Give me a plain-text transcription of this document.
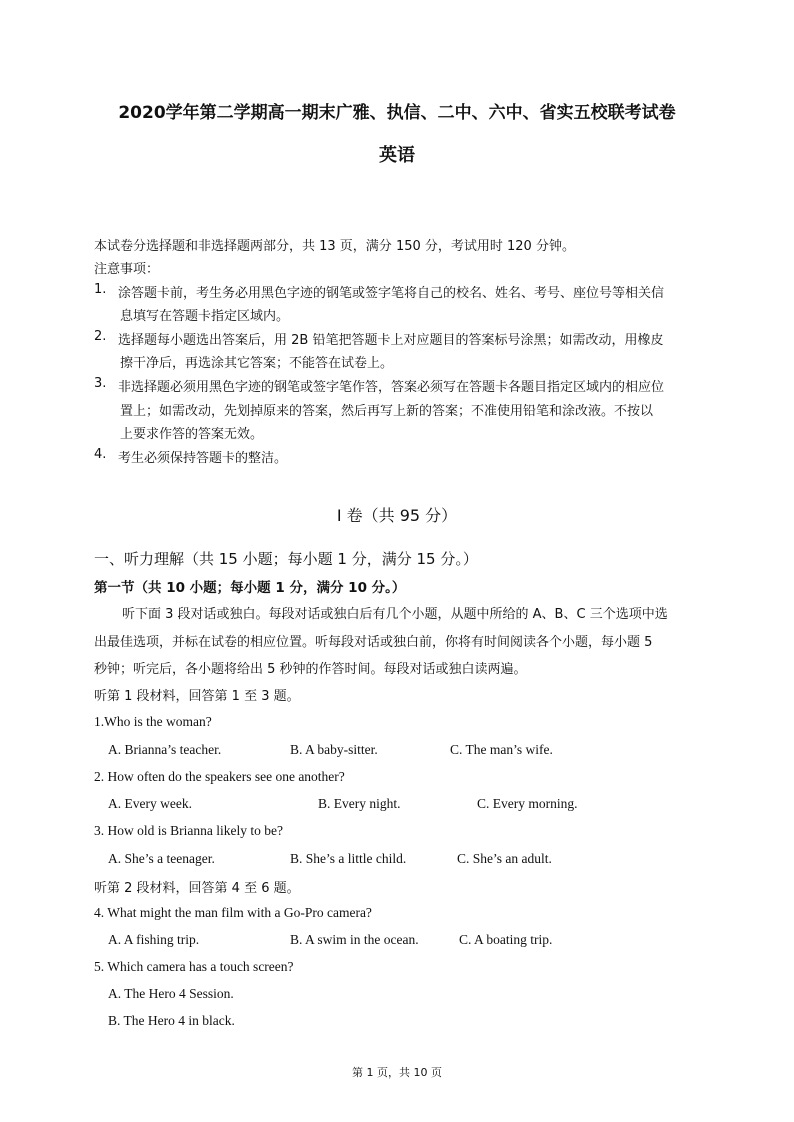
2020学年第二学期高一期末广雅、执信、二中、六中、省实五校联考试卷
英语
本试卷分选择题和非选择题两部分，共 13 页，满分 150 分，考试用时 120 分钟。
注意事项：
1. 涂答题卡前，考生务必用黑色字迹的钢笔或签字笔将自己的校名、姓名、考号、座位号等相关信
息填写在答题卡指定区域内。
2. 选择题每小题选出答案后，用 2B 铅笔把答题卡上对应题目的答案标号涂黑；如需改动，用橡皮
擦干净后，再选涂其它答案；不能答在试卷上。
3. 非选择题必须用黑色字迹的钢笔或签字笔作答，答案必须写在答题卡各题目指定区域内的相应位
置上；如需改动，先划掉原来的答案，然后再写上新的答案；不准使用铅笔和涂改液。不按以
上要求作答的答案无效。
4. 考生必须保持答题卡的整洁。
I 卷（共 95 分）
一、听力理解（共 15 小题；每小题 1 分，满分 15 分。）
第一节（共 10 小题；每小题 1 分，满分 10 分。）
听下面 3 段对话或独白。每段对话或独白后有几个小题，从题中所给的 A、B、C 三个选项中选
出最佳选项，并标在试卷的相应位置。听每段对话或独白前，你将有时间阅读各个小题，每小题 5
秒钟；听完后，各小题将给出 5 秒钟的作答时间。每段对话或独白读两遍。
听第 1 段材料，回答第 1 至 3 题。
1.Who is the woman?
A. Brianna’s teacher.	B. A baby-sitter.	C. The man’s wife.
2. How often do the speakers see one another?
A. Every week.	B. Every night.	C. Every morning.
3. How old is Brianna likely to be?
A. She’s a teenager.	B. She’s a little child.	C. She’s an adult.
听第 2 段材料，回答第 4 至 6 题。
4. What might the man film with a Go-Pro camera?
A. A fishing trip.	B. A swim in the ocean.	C. A boating trip.
5. Which camera has a touch screen?
A. The Hero 4 Session.
B. The Hero 4 in black.
第 1 页，共 10 页
